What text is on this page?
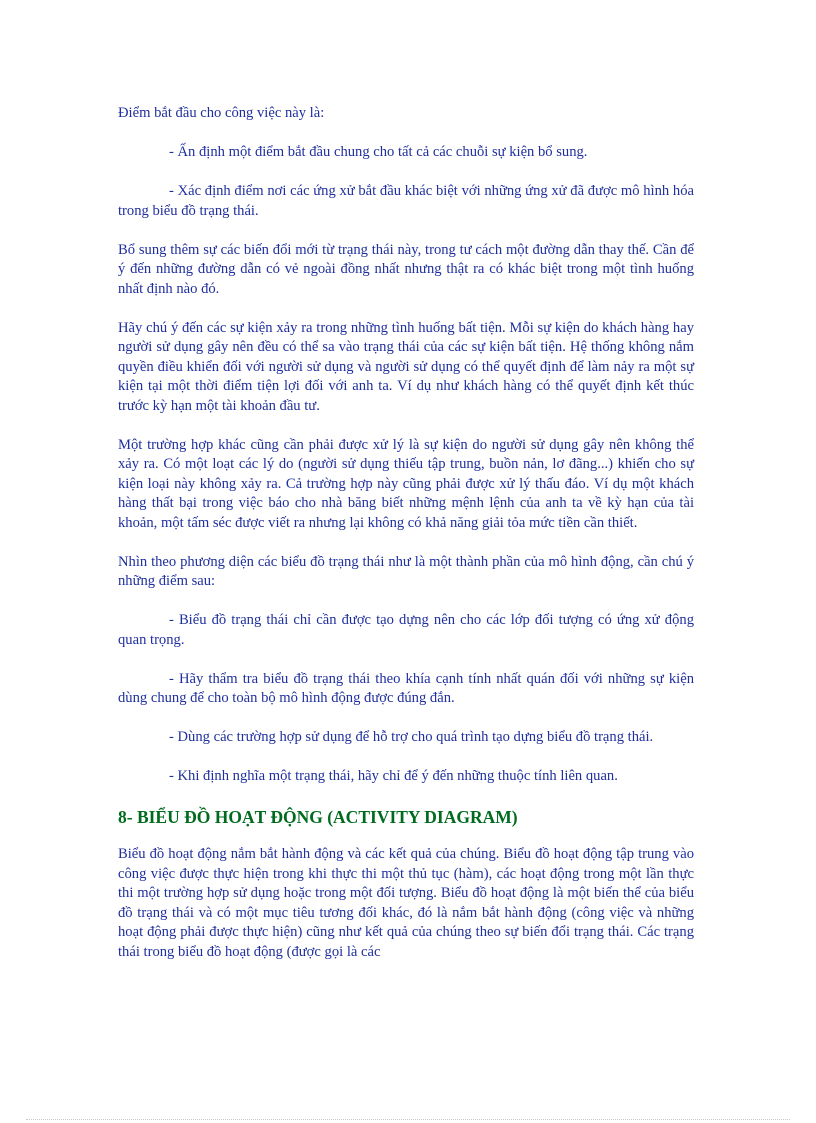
Điểm bắt đầu cho công việc này là:

- Ấn định một điểm bắt đầu chung cho tất cả các chuỗi sự kiện bổ sung.

- Xác định điểm nơi các ứng xử bắt đầu khác biệt với những ứng xử đã được mô hình hóa trong biểu đồ trạng thái.

Bổ sung thêm sự các biến đổi mới từ trạng thái này, trong tư cách một đường dẫn thay thế. Cần để ý đến những đường dẫn có vẻ ngoài đồng nhất nhưng thật ra có khác biệt trong một tình huống nhất định nào đó.

Hãy chú ý đến các sự kiện xảy ra trong những tình huống bất tiện. Mỗi sự kiện do khách hàng hay người sử dụng gây nên đều có thể sa vào trạng thái của các sự kiện bất tiện. Hệ thống không nắm quyền điều khiển đối với người sử dụng và người sử dụng có thể quyết định để làm nảy ra một sự kiện tại một thời điểm tiện lợi đối với anh ta. Ví dụ như khách hàng có thể quyết định kết thúc trước kỳ hạn một tài khoản đầu tư.

Một trường hợp khác cũng cần phải được xử lý là sự kiện do người sử dụng gây nên không thể xảy ra. Có một loạt các lý do (người sử dụng thiếu tập trung, buồn nản, lơ đãng...) khiến cho sự kiện loại này không xảy ra. Cả trường hợp này cũng phải được xử lý thấu đáo. Ví dụ một khách hàng thất bại trong việc báo cho nhà băng biết những mệnh lệnh của anh ta về kỳ hạn của tài khoản, một tấm séc được viết ra nhưng lại không có khả năng giải tỏa mức tiền cần thiết.

Nhìn theo phương diện các biểu đồ trạng thái như là một thành phần của mô hình động, cần chú ý những điểm sau:

- Biểu đồ trạng thái chỉ cần được tạo dựng nên cho các lớp đối tượng có ứng xử động quan trọng.

- Hãy thẩm tra biểu đồ trạng thái theo khía cạnh tính nhất quán đối với những sự kiện dùng chung để cho toàn bộ mô hình động được đúng đắn.

- Dùng các trường hợp sử dụng để hỗ trợ cho quá trình tạo dựng biểu đồ trạng thái.

- Khi định nghĩa một trạng thái, hãy chỉ để ý đến những thuộc tính liên quan.

8- BIỂU ĐỒ HOẠT ĐỘNG (ACTIVITY DIAGRAM)

Biểu đồ hoạt động nắm bắt hành động và các kết quả của chúng. Biểu đồ hoạt động tập trung vào công việc được thực hiện trong khi thực thi một thủ tục (hàm), các hoạt động trong một lần thực thi một trường hợp sử dụng hoặc trong một đối tượng. Biểu đồ hoạt động là một biến thể của biểu đồ trạng thái và có một mục tiêu tương đối khác, đó là nắm bắt hành động (công việc và những hoạt động phải được thực hiện) cũng như kết quả của chúng theo sự biến đổi trạng thái. Các trạng thái trong biểu đồ hoạt động (được gọi là các
